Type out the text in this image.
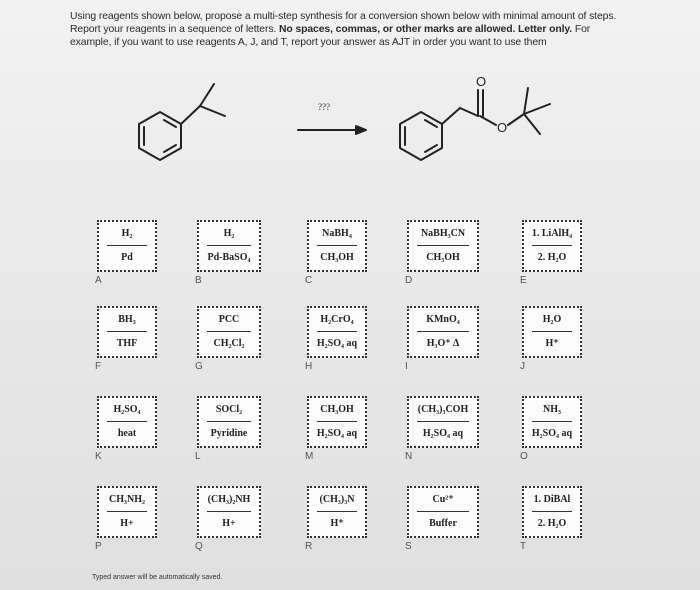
Using reagents shown below, propose a multi-step synthesis for a conversion shown below with minimal amount of steps. Report your reagents in a sequence of letters. No spaces, commas, or other marks are allowed. Letter only. For example, if you want to use reagents A, J, and T, report your answer as AJT in order you want to use them
O
O
???
H₂
Pd
A
H₂
Pd-BaSO₄
B
NaBH₄
CH₃OH
C
NaBH₃CN
CH₃OH
D
1. LiAlH₄
2. H₂O
E
BH₃
THF
F
PCC
CH₂Cl₂
G
H₂CrO₄
H₂SO₄ aq
H
KMnO₄
H₃O⁺ Δ
I
H₂O
H⁺
J
H₂SO₄
heat
K
SOCl₂
Pyridine
L
CH₃OH
H₂SO₄ aq
M
(CH₃)₃COH
H₂SO₄ aq
N
NH₃
H₂SO₄ aq
O
CH₃NH₂
H+
P
(CH₃)₂NH
H+
Q
(CH₃)₃N
H⁺
R
Cu²⁺
Buffer
S
1. DiBAl
2. H₂O
T
Typed answer will be automatically saved.
